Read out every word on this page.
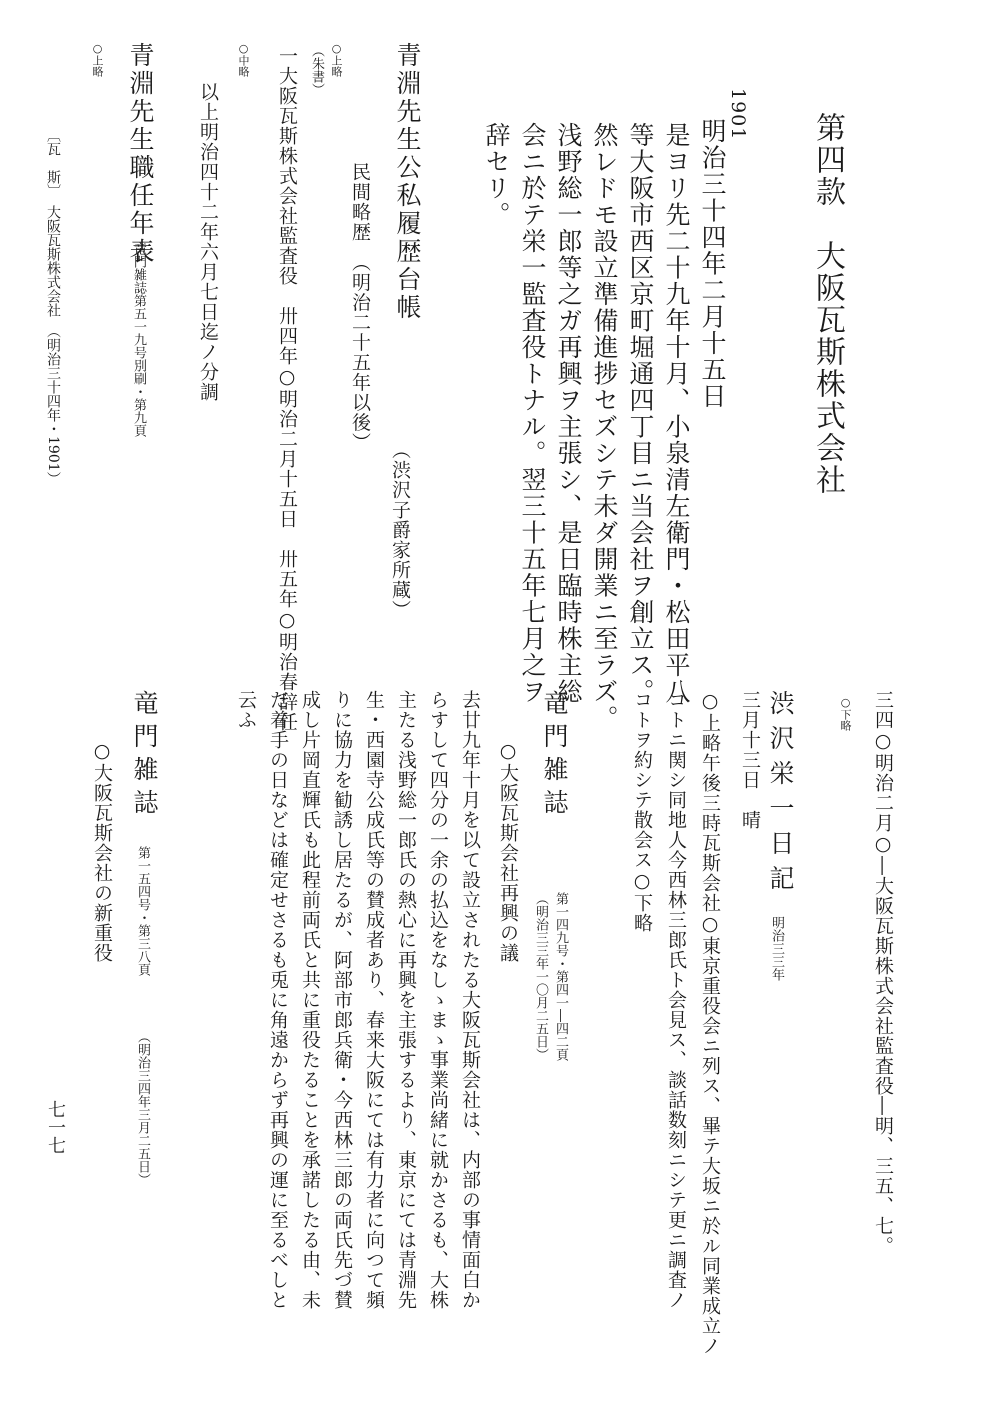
第四款　大阪瓦斯株式会社
1901
明治三十四年二月十五日
是ヨリ先二十九年十月、小泉清左衛門・松田平八
等大阪市西区京町堀通四丁目ニ当会社ヲ創立ス。
然レドモ設立準備進捗セズシテ未ダ開業ニ至ラズ。
浅野総一郎等之ガ再興ヲ主張シ、是日臨時株主総
会ニ於テ栄一監査役トナル。翌三十五年七月之ヲ
辞セリ。
青淵先生公私履歴台帳
（渋沢子爵家所蔵）
民間略歴　（明治二十五年以後）
○上略
（朱書）
一大阪瓦斯株式会社監査役　卅四年○明治二月十五日　卅五年○明治春辞任
○中略
以上明治四十二年六月七日迄ノ分調
青淵先生職任年表
竜門雑誌第五一九号別刷・第九頁
○上略
○下略 三四○明治二月○―大阪瓦斯株式会社監査役―明、三五、七。
渋沢栄一日記
明治三三年
三月十三日　晴
○上略午後三時瓦斯会社○東京重役会ニ列ス、畢テ大坂ニ於ル同業成立ノ
コトニ関シ同地人今西林三郎氏ト会見ス、談話数刻ニシテ更ニ調査ノ
コトヲ約シテ散会ス○下略
竜門雑誌
第一四九号・第四一―四二頁
（明治三三年一〇月二五日）
○大阪瓦斯会社再興の議
去廿九年十月を以て設立されたる大阪瓦斯会社は、内部の事情面白か
らすして四分の一余の払込をなしゝまゝ事業尚緒に就かさるも、大株
主たる浅野総一郎氏の熱心に再興を主張するより、東京にては青淵先
生・西園寺公成氏等の賛成者あり、春来大阪にては有力者に向つて頻
りに協力を勧誘し居たるが、阿部市郎兵衛・今西林三郎の両氏先づ賛
成し片岡直輝氏も此程前両氏と共に重役たることを承諾したる由、未
だ着手の日などは確定せさるも兎に角遠からず再興の運に至るべしと
云ふ
竜門雑誌
第一五四号・第三八頁
（明治三四年三月二五日）
○大阪瓦斯会社の新重役
〔瓦　斯〕　大阪瓦斯株式会社　（明治三十四年・1901）
七一七
